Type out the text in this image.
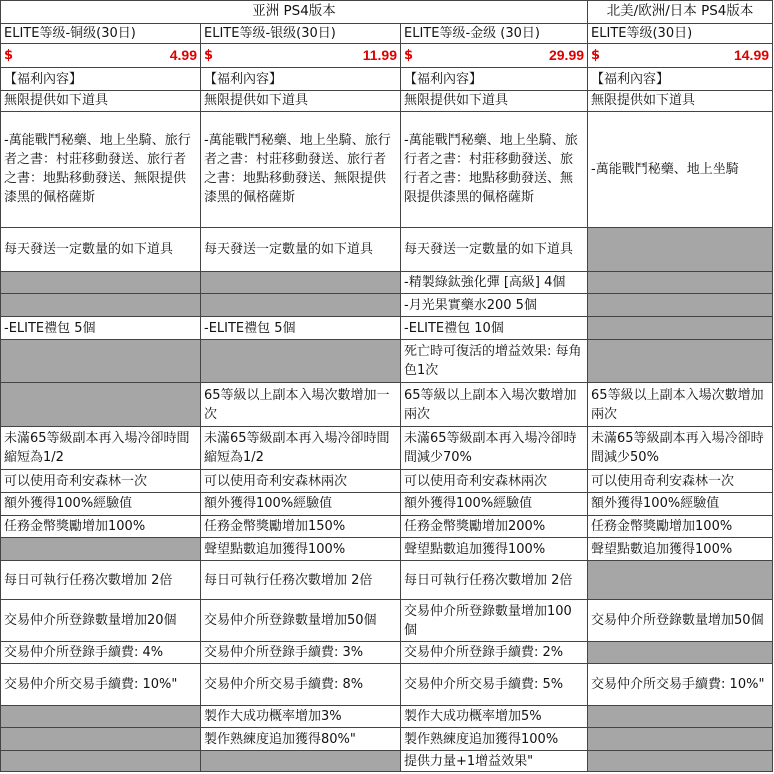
亚洲 PS4版本			北美/欧洲/日本 PS4版本
ELITE等级-铜级(30日)	ELITE等级-银级(30日)	ELITE等级-金级 (30日)	ELITE等级(30日)

$ 4.99	$ 11.99	$ 29.99	$ 14.99

【福利內容】	【福利內容】	【福利內容】	【福利內容】
無限提供如下道具	無限提供如下道具	無限提供如下道具	無限提供如下道具
-萬能戰鬥秘藥、地上坐騎、旅行者之書：村莊移動發送、旅行者之書：地點移動發送、無限提供漆黑的佩格薩斯	-萬能戰鬥秘藥、地上坐騎、旅行者之書：村莊移動發送、旅行者之書：地點移動發送、無限提供漆黑的佩格薩斯	-萬能戰鬥秘藥、地上坐騎、旅行者之書：村莊移動發送、旅行者之書：地點移動發送、無限提供漆黑的佩格薩斯	-萬能戰鬥秘藥、地上坐騎
每天發送一定數量的如下道具	每天發送一定數量的如下道具	每天發送一定數量的如下道具	
		-精製綠鈦強化彈 [高級] 4個	
		-月光果實藥水200 5個	
-ELITE禮包 5個	-ELITE禮包 5個	-ELITE禮包 10個	
		死亡時可復活的增益效果: 每角色1次	
	65等級以上副本入場次數增加一次	65等級以上副本入場次數增加兩次	65等級以上副本入場次數增加兩次
未滿65等級副本再入場冷卻時間縮短為1/2	未滿65等級副本再入場冷卻時間縮短為1/2	未滿65等級副本再入場冷卻時間減少70%	未滿65等級副本再入場冷卻時間減少50%
可以使用奇利安森林一次	可以使用奇利安森林兩次	可以使用奇利安森林兩次	可以使用奇利安森林一次
額外獲得100%經驗值	額外獲得100%經驗值	額外獲得100%經驗值	額外獲得100%經驗值
任務金幣獎勵增加100%	任務金幣獎勵增加150%	任務金幣獎勵增加200%	任務金幣獎勵增加100%
	聲望點數追加獲得100%	聲望點數追加獲得100%	聲望點數追加獲得100%
每日可執行任務次數增加 2倍	每日可執行任務次數增加 2倍	每日可執行任務次數增加 2倍	
交易仲介所登錄數量增加20個	交易仲介所登錄數量增加50個	交易仲介所登錄數量增加100個	交易仲介所登錄數量增加50個
交易仲介所登錄手續費: 4%	交易仲介所登錄手續費: 3%	交易仲介所登錄手續費: 2%	
交易仲介所交易手續費: 10%"	交易仲介所交易手續費: 8%	交易仲介所交易手續費: 5%	交易仲介所交易手續費: 10%"
	製作大成功概率增加3%	製作大成功概率增加5%	
	製作熟練度追加獲得80%"	製作熟練度追加獲得100%	
		提供力量+1增益效果"	
